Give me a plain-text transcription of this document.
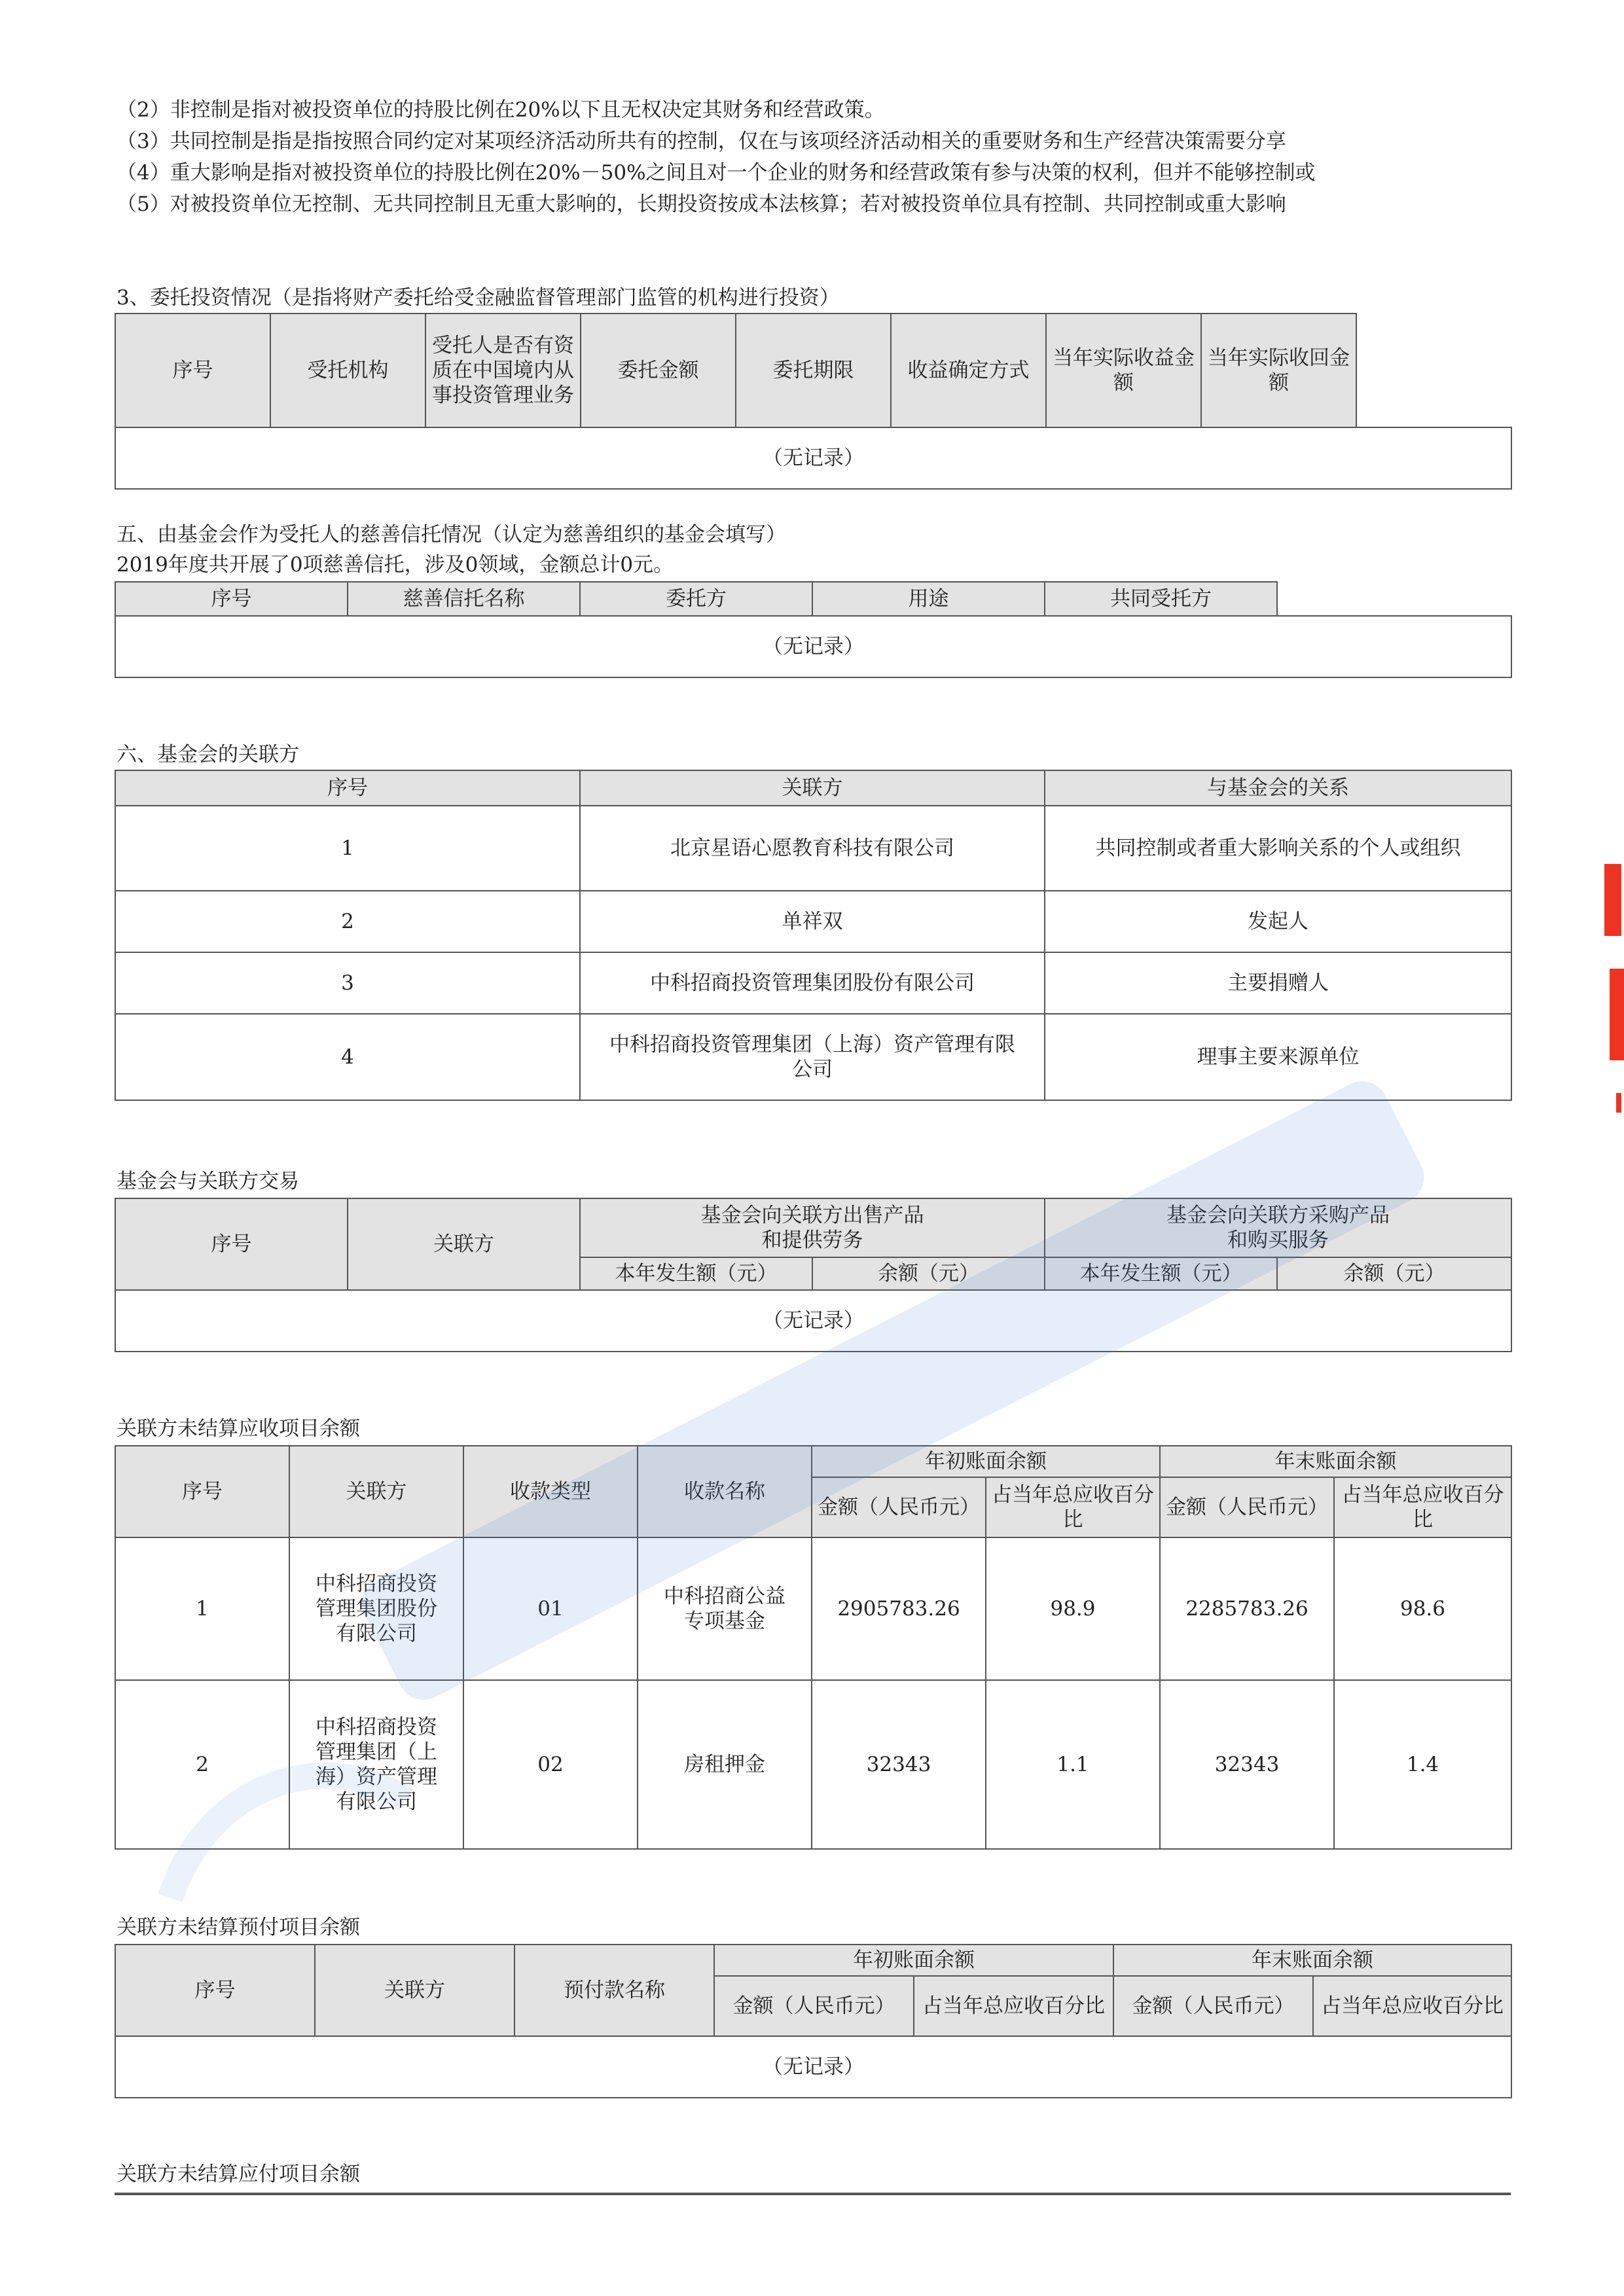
（2）非控制是指对被投资单位的持股比例在20%以下且无权决定其财务和经营政策。
（3）共同控制是指是指按照合同约定对某项经济活动所共有的控制，仅在与该项经济活动相关的重要财务和生产经营决策需要分享
（4）重大影响是指对被投资单位的持股比例在20%－50%之间且对一个企业的财务和经营政策有参与决策的权利，但并不能够控制或
（5）对被投资单位无控制、无共同控制且无重大影响的，长期投资按成本法核算；若对被投资单位具有控制、共同控制或重大影响
3、委托投资情况（是指将财产委托给受金融监督管理部门监管的机构进行投资）
序号	受托机构	受托人是否有资质在中国境内从事投资管理业务	委托金额	委托期限	收益确定方式	当年实际收益金额	当年实际收回金额	
（无记录）
五、由基金会作为受托人的慈善信托情况（认定为慈善组织的基金会填写）
2019年度共开展了0项慈善信托，涉及0领域，金额总计0元。
序号	慈善信托名称	委托方	用途	共同受托方	
（无记录）
六、基金会的关联方
序号	关联方	与基金会的关系
1	北京星语心愿教育科技有限公司	共同控制或者重大影响关系的个人或组织
2	单祥双	发起人
3	中科招商投资管理集团股份有限公司	主要捐赠人
4	中科招商投资管理集团（上海）资产管理有限公司	理事主要来源单位
基金会与关联方交易
序号	关联方	基金会向关联方出售产品和提供劳务		基金会向关联方采购产品和购买服务	
		本年发生额（元）	余额（元）	本年发生额（元）	余额（元）
（无记录）					
关联方未结算应收项目余额
序号	关联方	收款类型	收款名称	年初账面余额		年末账面余额	
				金额（人民币元）	占当年总应收百分比	金额（人民币元）	占当年总应收百分比
1	中科招商投资管理集团股份有限公司	01	中科招商公益专项基金	2905783.26	98.9	2285783.26	98.6
2	中科招商投资管理集团（上海）资产管理有限公司	02	房租押金	32343	1.1	32343	1.4
关联方未结算预付项目余额
序号	关联方	预付款名称	年初账面余额		年末账面余额	
			金额（人民币元）	占当年总应收百分比	金额（人民币元）	占当年总应收百分比
（无记录）						
关联方未结算应付项目余额
